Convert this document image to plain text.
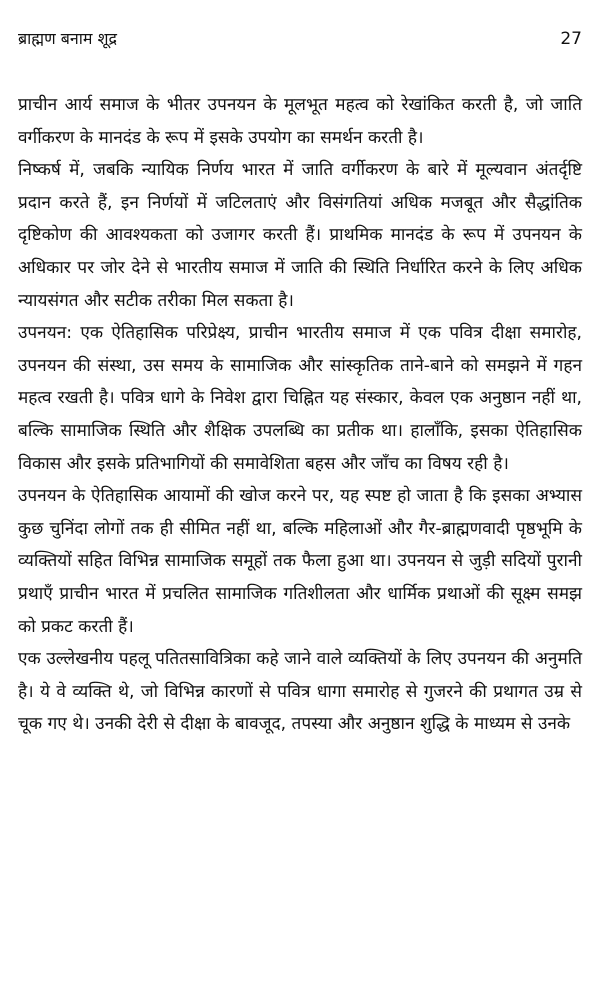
ब्राह्मण बनाम शूद्र	27

प्राचीन आर्य समाज के भीतर उपनयन के मूलभूत महत्व को रेखांकित करती है, जो जाति वर्गीकरण के मानदंड के रूप में इसके उपयोग का समर्थन करती है।

निष्कर्ष में, जबकि न्यायिक निर्णय भारत में जाति वर्गीकरण के बारे में मूल्यवान अंतर्दृष्टि प्रदान करते हैं, इन निर्णयों में जटिलताएं और विसंगतियां अधिक मजबूत और सैद्धांतिक दृष्टिकोण की आवश्यकता को उजागर करती हैं। प्राथमिक मानदंड के रूप में उपनयन के अधिकार पर जोर देने से भारतीय समाज में जाति की स्थिति निर्धारित करने के लिए अधिक न्यायसंगत और सटीक तरीका मिल सकता है।

उपनयन: एक ऐतिहासिक परिप्रेक्ष्य, प्राचीन भारतीय समाज में एक पवित्र दीक्षा समारोह, उपनयन की संस्था, उस समय के सामाजिक और सांस्कृतिक ताने-बाने को समझने में गहन महत्व रखती है। पवित्र धागे के निवेश द्वारा चिह्नित यह संस्कार, केवल एक अनुष्ठान नहीं था, बल्कि सामाजिक स्थिति और शैक्षिक उपलब्धि का प्रतीक था। हालाँकि, इसका ऐतिहासिक विकास और इसके प्रतिभागियों की समावेशिता बहस और जाँच का विषय रही है।

उपनयन के ऐतिहासिक आयामों की खोज करने पर, यह स्पष्ट हो जाता है कि इसका अभ्यास कुछ चुनिंदा लोगों तक ही सीमित नहीं था, बल्कि महिलाओं और गैर-ब्राह्मणवादी पृष्ठभूमि के व्यक्तियों सहित विभिन्न सामाजिक समूहों तक फैला हुआ था। उपनयन से जुड़ी सदियों पुरानी प्रथाएँ प्राचीन भारत में प्रचलित सामाजिक गतिशीलता और धार्मिक प्रथाओं की सूक्ष्म समझ को प्रकट करती हैं।

एक उल्लेखनीय पहलू पतितसावित्रिका कहे जाने वाले व्यक्तियों के लिए उपनयन की अनुमति है। ये वे व्यक्ति थे, जो विभिन्न कारणों से पवित्र धागा समारोह से गुजरने की प्रथागत उम्र से चूक गए थे। उनकी देरी से दीक्षा के बावजूद, तपस्या और अनुष्ठान शुद्धि के माध्यम से उनके
